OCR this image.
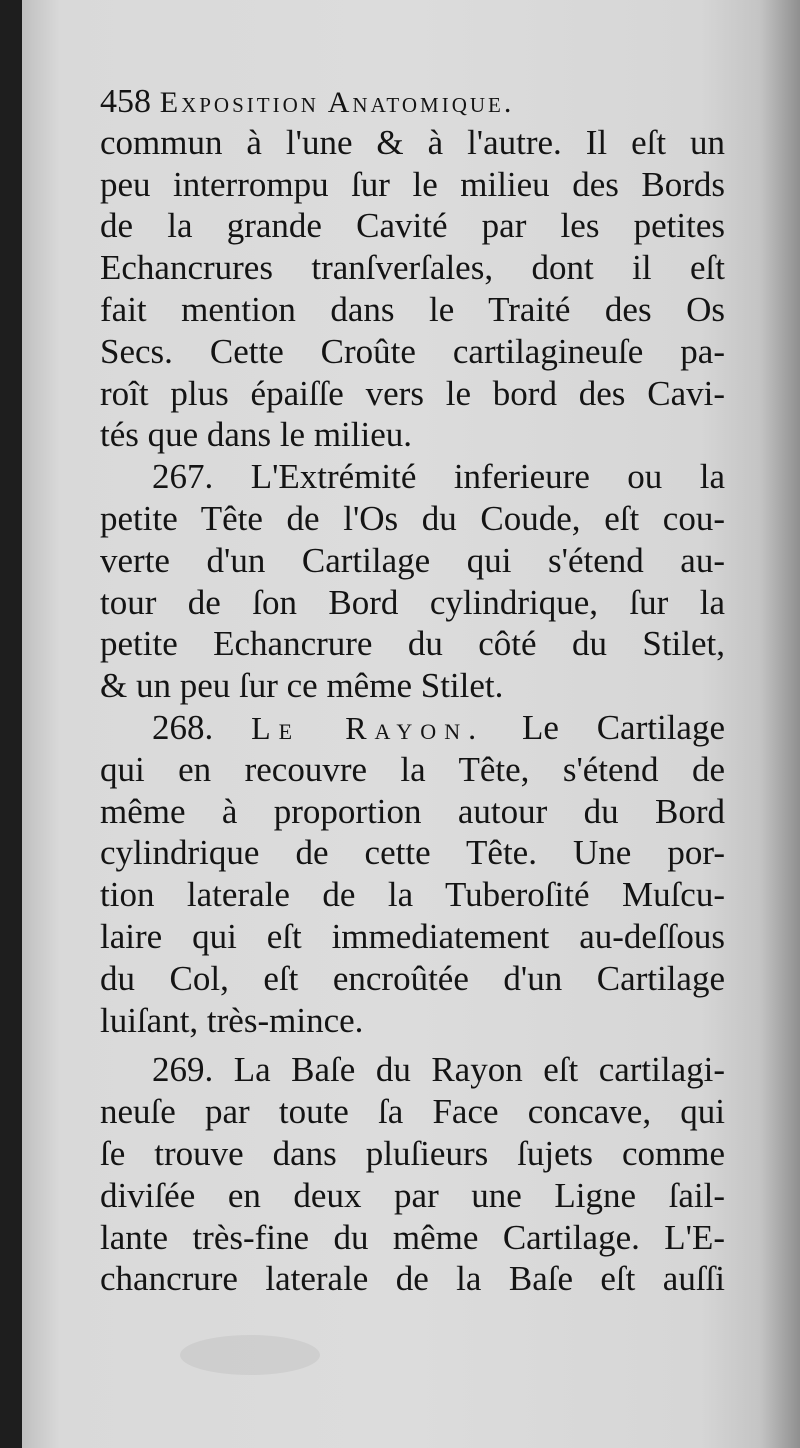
458 Exposition Anatomique.
commun à l'une & à l'autre. Il eſt un
peu interrompu ſur le milieu des Bords
de la grande Cavité par les petites
Echancrures tranſverſales, dont il eſt
fait mention dans le Traité des Os
Secs. Cette Croûte cartilagineuſe pa-
roît plus épaiſſe vers le bord des Cavi-
tés que dans le milieu.
267. L'Extrémité inferieure ou la
petite Tête de l'Os du Coude, eſt cou-
verte d'un Cartilage qui s'étend au-
tour de ſon Bord cylindrique, ſur la
petite Echancrure du côté du Stilet,
& un peu ſur ce même Stilet.
268. Le Rayon. Le Cartilage
qui en recouvre la Tête, s'étend de
même à proportion autour du Bord
cylindrique de cette Tête. Une por-
tion laterale de la Tuberoſité Muſcu-
laire qui eſt immediatement au-deſſous
du Col, eſt encroûtée d'un Cartilage
luiſant, très-mince.
269. La Baſe du Rayon eſt cartilagi-
neuſe par toute ſa Face concave, qui
ſe trouve dans pluſieurs ſujets comme
diviſée en deux par une Ligne ſail-
lante très-fine du même Cartilage. L'E-
chancrure laterale de la Baſe eſt auſſi
